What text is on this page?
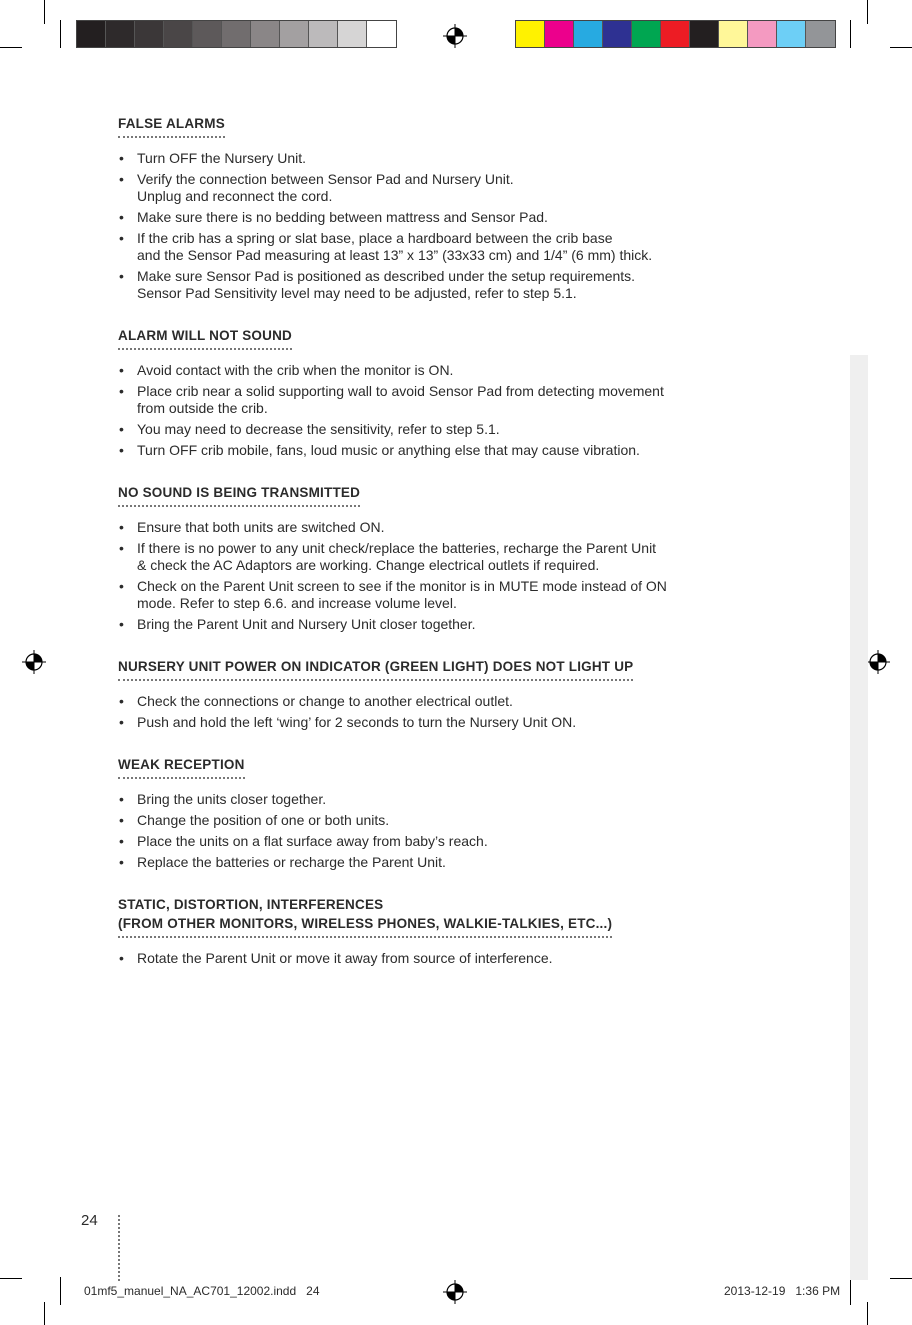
FALSE ALARMS
• Turn OFF the Nursery Unit.
• Verify the connection between Sensor Pad and Nursery Unit.
Unplug and reconnect the cord.
• Make sure there is no bedding between mattress and Sensor Pad.
• If the crib has a spring or slat base, place a hardboard between the crib base
and the Sensor Pad measuring at least 13” x 13” (33x33 cm) and 1/4” (6 mm) thick.
• Make sure Sensor Pad is positioned as described under the setup requirements.
Sensor Pad Sensitivity level may need to be adjusted, refer to step 5.1.
ALARM WILL NOT SOUND
• Avoid contact with the crib when the monitor is ON.
• Place crib near a solid supporting wall to avoid Sensor Pad from detecting movement
from outside the crib.
• You may need to decrease the sensitivity, refer to step 5.1.
• Turn OFF crib mobile, fans, loud music or anything else that may cause vibration.
NO SOUND IS BEING TRANSMITTED
• Ensure that both units are switched ON.
• If there is no power to any unit check/replace the batteries, recharge the Parent Unit
& check the AC Adaptors are working. Change electrical outlets if required.
• Check on the Parent Unit screen to see if the monitor is in MUTE mode instead of ON
mode. Refer to step 6.6. and increase volume level.
• Bring the Parent Unit and Nursery Unit closer together.
NURSERY UNIT POWER ON INDICATOR (GREEN LIGHT) DOES NOT LIGHT UP
• Check the connections or change to another electrical outlet.
• Push and hold the left ‘wing’ for 2 seconds to turn the Nursery Unit ON.
WEAK RECEPTION
• Bring the units closer together.
• Change the position of one or both units.
• Place the units on a flat surface away from baby’s reach.
• Replace the batteries or recharge the Parent Unit.
STATIC, DISTORTION, INTERFERENCES
(FROM OTHER MONITORS, WIRELESS PHONES, WALKIE-TALKIES, ETC...)
• Rotate the Parent Unit or move it away from source of interference.
24
01mf5_manuel_NA_AC701_12002.indd   24	2013-12-19   1:36 PM
